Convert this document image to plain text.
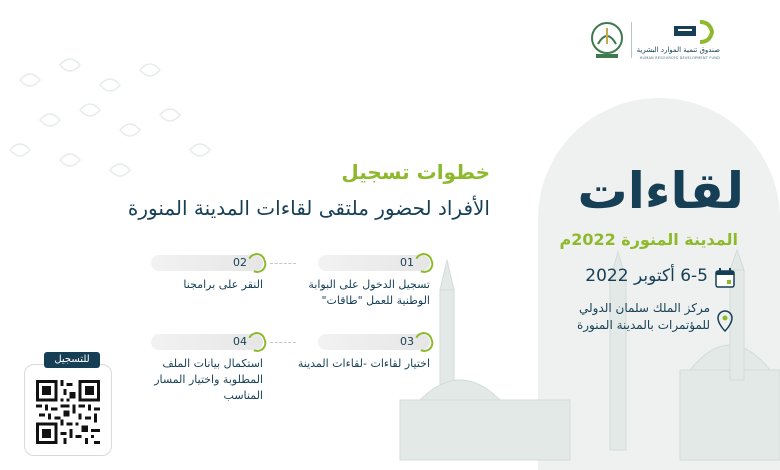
صندوق تنمية الموارد البشرية
HUMAN RESOURCES DEVELOPMENT FUND
لقاءات
المدينة المنورة 2022م
6-5 أكتوبر 2022
مركز الملك سلمان الدولي للمؤتمرات بالمدينة المنورة
خطوات تسجيل
الأفراد لحضور ملتقى لقاءات المدينة المنورة
01
تسجيل الدخول على البوابة الوطنية للعمل "طاقات"
02
النقر على برامجنا
03
اختيار لقاءات -لقاءات المدينة
04
استكمال بيانات الملف المطلوبة واختيار المسار المناسب
للتسجيل
